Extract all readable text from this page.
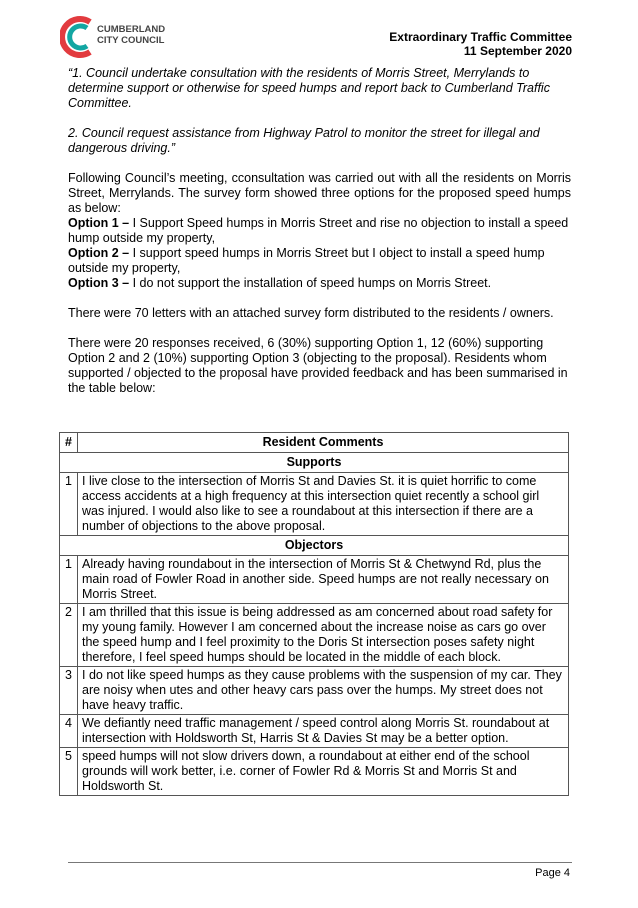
CUMBERLAND
CITY COUNCIL	Extraordinary Traffic Committee
11 September 2020

“1. Council undertake consultation with the residents of Morris Street, Merrylands to determine support or otherwise for speed humps and report back to Cumberland Traffic Committee.

2. Council request assistance from Highway Patrol to monitor the street for illegal and dangerous driving.”

Following Council’s meeting, cconsultation was carried out with all the residents on Morris Street, Merrylands. The survey form showed three options for the proposed speed humps as below:

Option 1 – I Support Speed humps in Morris Street and rise no objection to install a speed hump outside my property,

Option 2 – I support speed humps in Morris Street but I object to install a speed hump outside my property,

Option 3 – I do not support the installation of speed humps on Morris Street.

There were 70 letters with an attached survey form distributed to the residents / owners.

There were 20 responses received, 6 (30%) supporting Option 1, 12 (60%) supporting Option 2 and 2 (10%) supporting Option 3 (objecting to the proposal). Residents whom supported / objected to the proposal have provided feedback and has been summarised in the table below:

#	Resident Comments
Supports	
1	I live close to the intersection of Morris St and Davies St. it is quiet horrific to come access accidents at a high frequency at this intersection quiet recently a school girl was injured. I would also like to see a roundabout at this intersection if there are a number of objections to the above proposal.
Objectors	
1	Already having roundabout in the intersection of Morris St & Chetwynd Rd, plus the main road of Fowler Road in another side. Speed humps are not really necessary on Morris Street.
2	I am thrilled that this issue is being addressed as am concerned about road safety for my young family. However I am concerned about the increase noise as cars go over the speed hump and I feel proximity to the Doris St intersection poses safety night therefore, I feel speed humps should be located in the middle of each block.
3	I do not like speed humps as they cause problems with the suspension of my car. They are noisy when utes and other heavy cars pass over the humps. My street does not have heavy traffic.
4	We defiantly need traffic management / speed control along Morris St. roundabout at intersection with Holdsworth St, Harris St & Davies St may be a better option.
5	speed humps will not slow drivers down, a roundabout at either end of the school grounds will work better, i.e. corner of Fowler Rd & Morris St and Morris St and Holdsworth St.
Page 4
